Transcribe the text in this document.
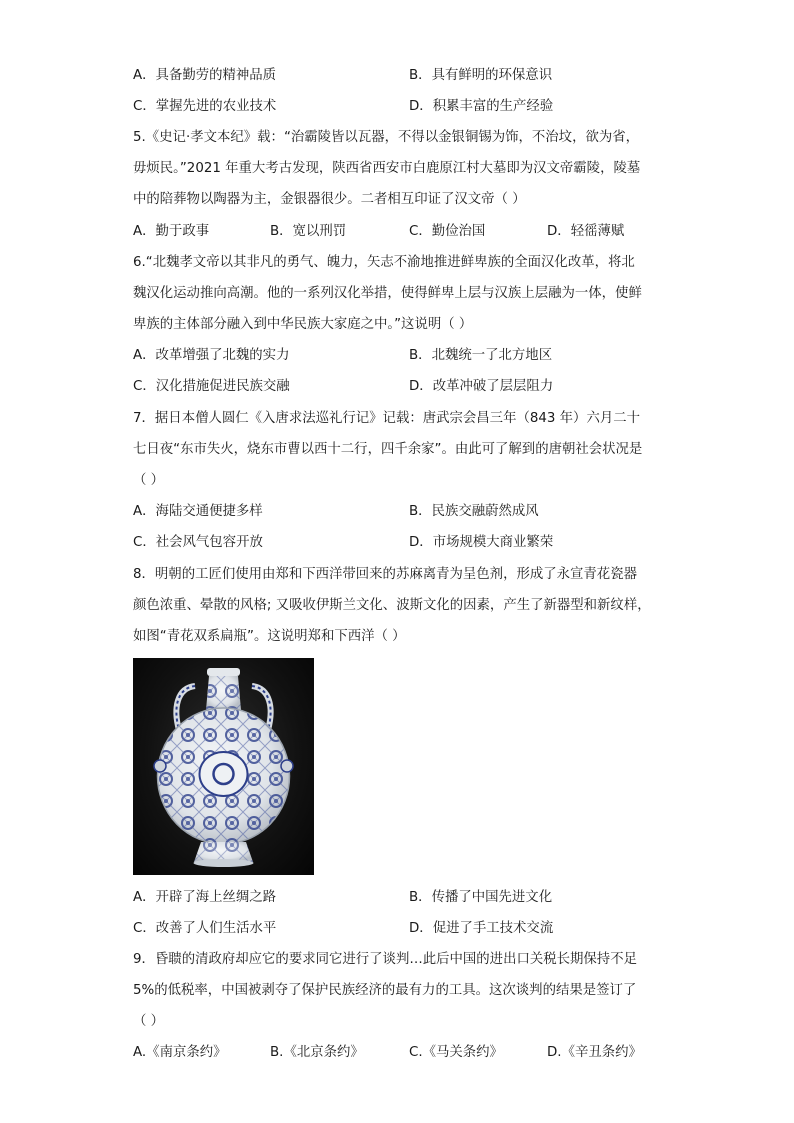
A．具备勤劳的精神品质	B．具有鲜明的环保意识
C．掌握先进的农业技术	D．积累丰富的生产经验
5.《史记·孝文本纪》载：“治霸陵皆以瓦器，不得以金银铜锡为饰，不治坟，欲为省，
毋烦民。”2021 年重大考古发现，陕西省西安市白鹿原江村大墓即为汉文帝霸陵，陵墓
中的陪葬物以陶器为主，金银器很少。二者相互印证了汉文帝（ ）
A．勤于政事	B．宽以刑罚	C．勤俭治国	D．轻徭薄赋
6.“北魏孝文帝以其非凡的勇气、魄力，矢志不渝地推进鲜卑族的全面汉化改革，将北
魏汉化运动推向高潮。他的一系列汉化举措，使得鲜卑上层与汉族上层融为一体，使鲜
卑族的主体部分融入到中华民族大家庭之中。”这说明（ ）
A．改革增强了北魏的实力	B．北魏统一了北方地区
C．汉化措施促进民族交融	D．改革冲破了层层阻力
7．据日本僧人圆仁《入唐求法巡礼行记》记载：唐武宗会昌三年（843 年）六月二十
七日夜“东市失火，烧东市曹以西十二行，四千余家”。由此可了解到的唐朝社会状况是
（ ）
A．海陆交通便捷多样	B．民族交融蔚然成风
C．社会风气包容开放	D．市场规模大商业繁荣
8．明朝的工匠们使用由郑和下西洋带回来的苏麻离青为呈色剂，形成了永宣青花瓷器
颜色浓重、晕散的风格; 又吸收伊斯兰文化、波斯文化的因素，产生了新器型和新纹样，
如图“青花双系扁瓶”。这说明郑和下西洋（ ）
A．开辟了海上丝绸之路	B．传播了中国先进文化
C．改善了人们生活水平	D．促进了手工技术交流
9．昏聩的清政府却应它的要求同它进行了谈判…此后中国的进出口关税长期保持不足
5%的低税率，中国被剥夺了保护民族经济的最有力的工具。这次谈判的结果是签订了
（ ）
A.《南京条约》	B.《北京条约》	C.《马关条约》	D.《辛丑条约》
